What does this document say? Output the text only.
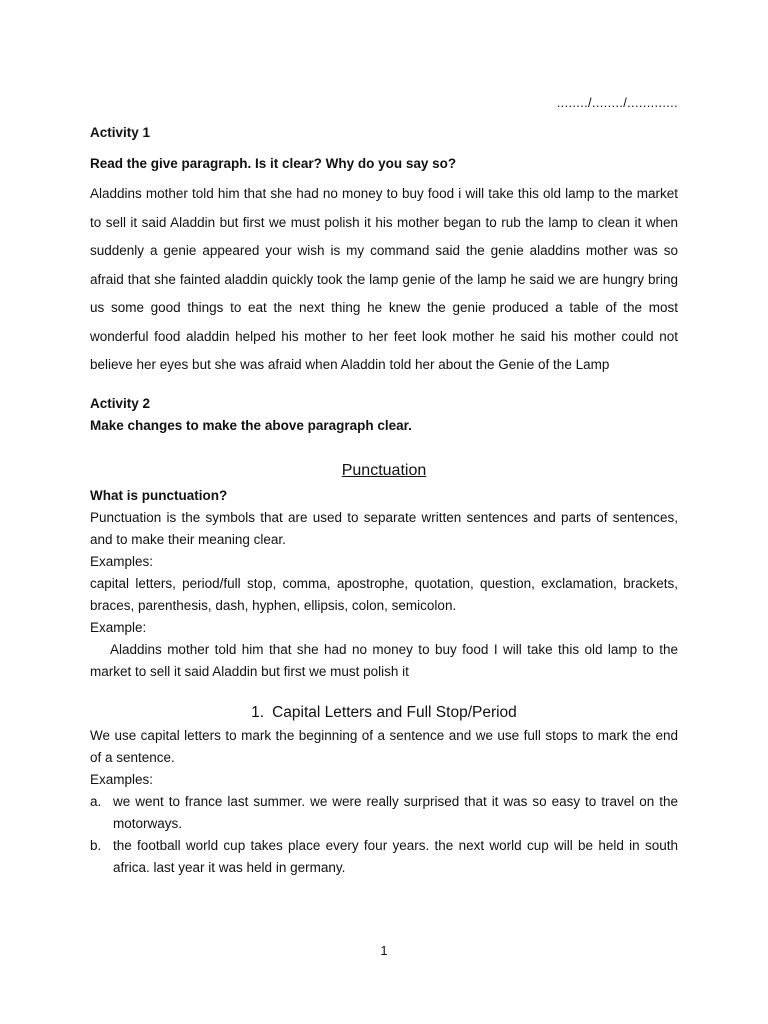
......../......../.............
Activity 1
Read the give paragraph. Is it clear? Why do you say so?
Aladdins mother told him that she had no money to buy food i will take this old lamp to the market to sell it said Aladdin but first we must polish it his mother began to rub the lamp to clean it when suddenly a genie appeared your wish is my command said the genie aladdins mother was so afraid that she fainted aladdin quickly took the lamp genie of the lamp he said we are hungry bring us some good things to eat the next thing he knew the genie produced a table of the most wonderful food aladdin helped his mother to her feet look mother he said his mother could not believe her eyes but she was afraid when Aladdin told her about the Genie of the Lamp
Activity 2
Make changes to make the above paragraph clear.
Punctuation
What is punctuation?
Punctuation is the symbols that are used to separate written sentences and parts of sentences, and to make their meaning clear.
Examples:
capital letters, period/full stop, comma, apostrophe, quotation, question, exclamation, brackets, braces, parenthesis, dash, hyphen, ellipsis, colon, semicolon.
Example:
Aladdins mother told him that she had no money to buy food I will take this old lamp to the market to sell it said Aladdin but first we must polish it
1. Capital Letters and Full Stop/Period
We use capital letters to mark the beginning of a sentence and we use full stops to mark the end of a sentence.
Examples:
a. we went to france last summer. we were really surprised that it was so easy to travel on the motorways.
b. the football world cup takes place every four years. the next world cup will be held in south africa. last year it was held in germany.
1
